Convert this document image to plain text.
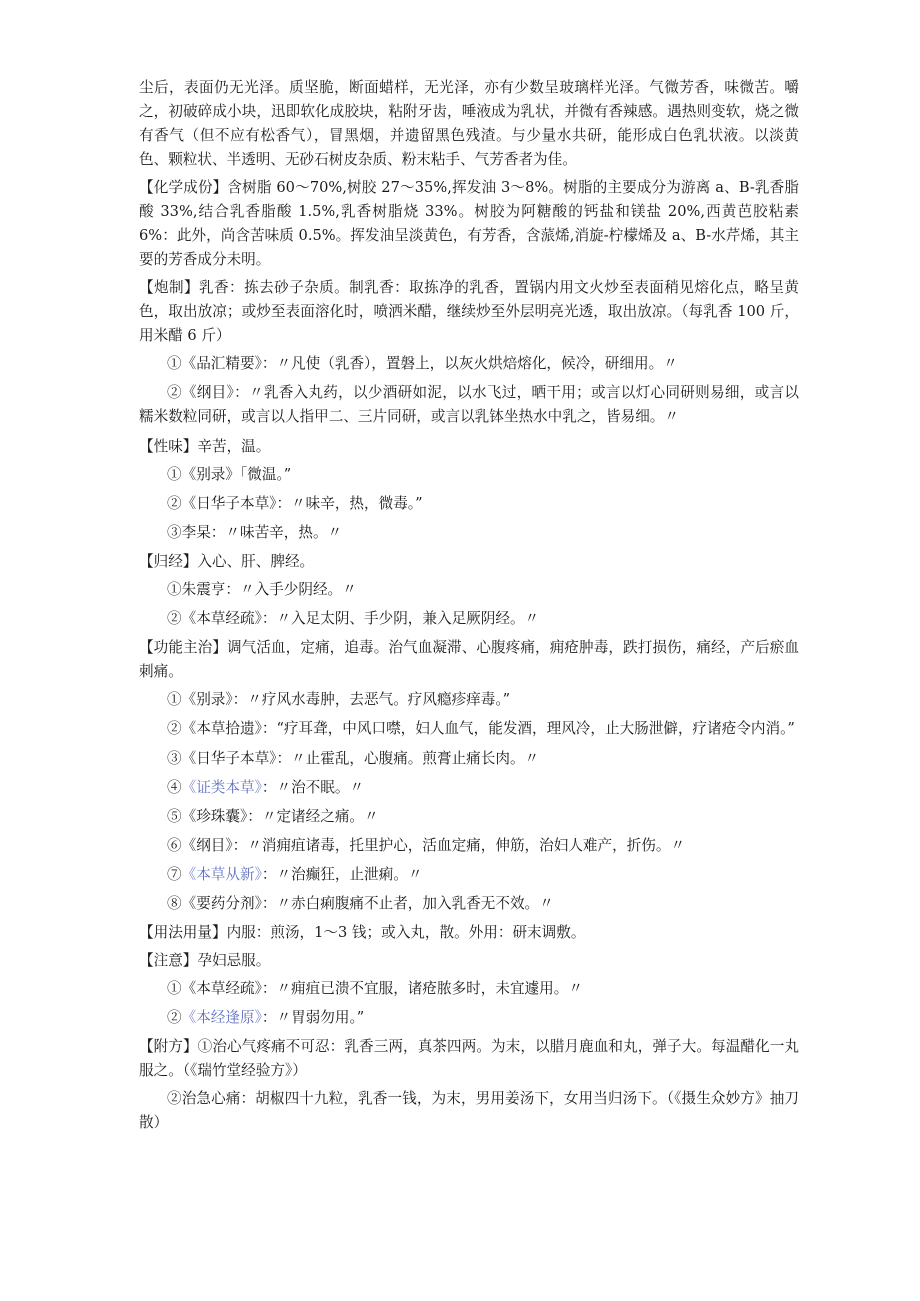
尘后，表面仍无光泽。质坚脆，断面蜡样，无光泽，亦有少数呈玻璃样光泽。气微芳香，味微苦。嚼之，初破碎成小块，迅即软化成胶块，粘附牙齿，唾液成为乳状，并微有香辣感。遇热则变软，烧之微有香气（但不应有松香气），冒黑烟，并遗留黑色残渣。与少量水共研，能形成白色乳状液。以淡黄色、颗粒状、半透明、无砂石树皮杂质、粉末粘手、气芳香者为佳。

【化学成份】含树脂 60～70%,树胶 27～35%,挥发油 3～8%。树脂的主要成分为游离 a、B-乳香脂酸 33%,结合乳香脂酸 1.5%,乳香树脂烧 33%。树胶为阿糖酸的钙盐和镁盐 20%,西黄芭胶粘素 6%：此外，尚含苦味质 0.5%。挥发油呈淡黄色，有芳香，含蒎烯,消旋-柠檬烯及 a、B-水芹烯，其主要的芳香成分未明。

【炮制】乳香：拣去砂子杂质。制乳香：取拣净的乳香，置锅内用文火炒至表面稍见熔化点，略呈黄色，取出放凉；或炒至表面溶化时，喷洒米醋，继续炒至外层明亮光透，取出放凉。（每乳香 100 斤，用米醋 6 斤）

①《品汇精要》：〃凡使（乳香），置磐上，以灰火烘焙熔化，候冷，研细用。〃

②《纲目》：〃乳香入丸药，以少酒研如泥，以水飞过，晒干用；或言以灯心同研则易细，或言以糯米数粒同研，或言以人指甲二、三片同研，或言以乳钵坐热水中乳之，皆易细。〃

【性味】辛苦，温。

①《别录》「微温。”

②《日华子本草》：〃味辛，热，微毒。”

③李杲：〃味苦辛，热。〃

【归经】入心、肝、脾经。

①朱震亨：〃入手少阴经。〃

②《本草经疏》：〃入足太阴、手少阴，兼入足厥阴经。〃

【功能主治】调气活血，定痛，追毒。治气血凝滞、心腹疼痛，痈疮肿毒，跌打损伤，痛经，产后瘀血刺痛。

①《别录》：〃疗风水毒肿，去恶气。疗风瘾疹痒毒。”

②《本草拾遗》：“疗耳聋，中风口噤，妇人血气，能发酒，理风冷，止大肠泄僻，疗诸疮令内消。”

③《日华子本草》：〃止霍乱，心腹痛。煎膏止痛长肉。〃

④《证类本草》：〃治不眠。〃

⑤《珍珠囊》：〃定诸经之痛。〃

⑥《纲目》：〃消痈疽诸毒，托里护心，活血定痛，伸筋，治妇人难产，折伤。〃

⑦《本草从新》：〃治癫狂，止泄痢。〃

⑧《要药分剂》：〃赤白痢腹痛不止者，加入乳香无不效。〃

【用法用量】内服：煎汤，1～3 钱；或入丸，散。外用：研末调敷。

【注意】孕妇忌服。

①《本草经疏》：〃痈疽已溃不宜服，诸疮脓多时，未宜遽用。〃

②《本经逢原》：〃胃弱勿用。”

【附方】①治心气疼痛不可忍：乳香三两，真茶四两。为末，以腊月鹿血和丸，弹子大。每温醋化一丸服之。（《瑞竹堂经验方》）

②治急心痛：胡椒四十九粒，乳香一钱，为末，男用姜汤下，女用当归汤下。（《摄生众妙方》抽刀散）
